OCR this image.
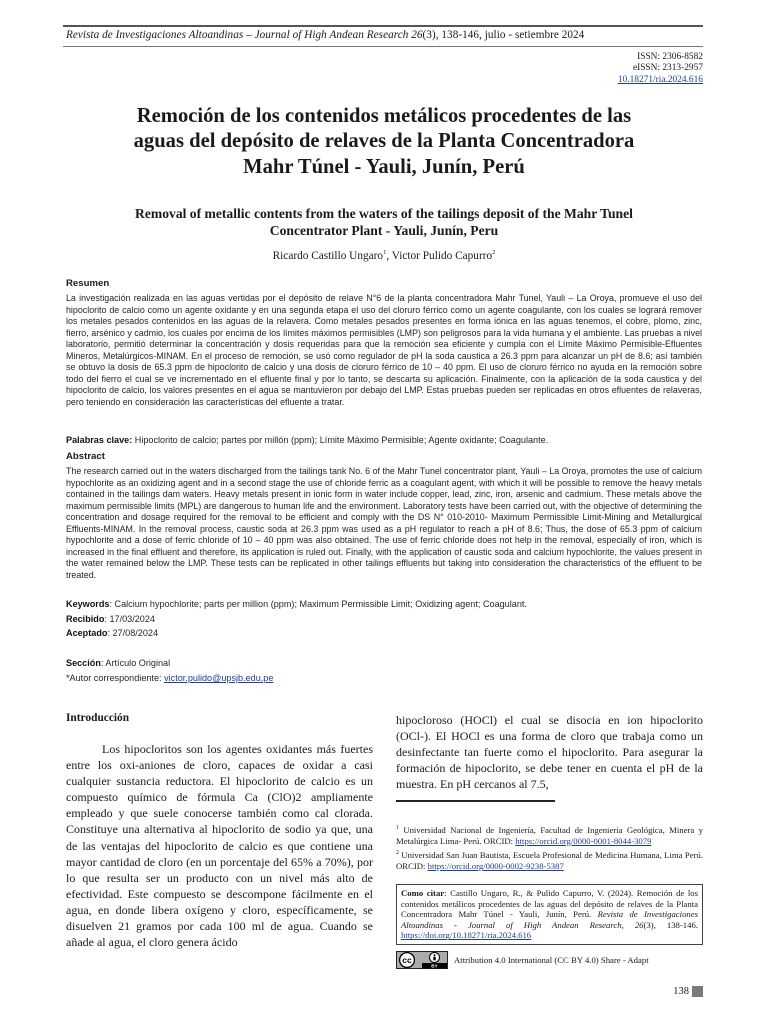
Revista de Investigaciones Altoandinas – Journal of High Andean Research 26(3), 138-146, julio - setiembre 2024
ISSN: 2306-8582
eISSN: 2313-2957
10.18271/ria.2024.616
Remoción de los contenidos metálicos procedentes de las aguas del depósito de relaves de la Planta Concentradora Mahr Túnel - Yauli, Junín, Perú
Removal of metallic contents from the waters of the tailings deposit of the Mahr Tunel Concentrator Plant - Yauli, Junín, Peru
Ricardo Castillo Ungaro$^1$, Victor Pulido Capurro$^2$
Resumen

La investigación realizada en las aguas vertidas por el depósito de relave N°6 de la planta concentradora Mahr Tunel, Yauli – La Oroya, promueve el uso del hipoclorito de calcio como un agente oxidante y en una segunda etapa el uso del cloruro férrico como un agente coagulante, con los cuales se logrará remover los metales pesados contenidos en las aguas de la relavera. Como metales pesados presentes en forma iónica en las aguas tenemos, el cobre, plomo, zinc, fierro, arsénico y cadmio, los cuales por encima de los límites máximos permisibles (LMP) son peligrosos para la vida humana y el ambiente. Las pruebas a nivel laboratorio, permitió determinar la concentración y dosis requeridas para que la remoción sea eficiente y cumpla con el Límite Máximo Permisible-Efluentes Mineros, Metalúrgicos-MINAM. En el proceso de remoción, se usó como regulador de pH la soda caustica a 26.3 ppm para alcanzar un pH de 8.6; así también se obtuvo la dosis de 65.3 ppm de hipoclorito de calcio y una dosis de cloruro férrico de 10 – 40 ppm. El uso de cloruro férrico no ayuda en la remoción sobre todo del fierro el cual se ve incrementado en el efluente final y por lo tanto, se descarta su aplicación. Finalmente, con la aplicación de la soda caustica y del hipoclorito de calcio, los valores presentes en el agua se mantuvieron por debajo del LMP. Estas pruebas pueden ser replicadas en otros efluentes de relaveras, pero teniendo en consideración las características del efluente a tratar.

Palabras clave: Hipoclorito de calcio; partes por millón (ppm); Límite Máximo Permisible; Agente oxidante; Coagulante.
Abstract

The research carried out in the waters discharged from the tailings tank No. 6 of the Mahr Tunel concentrator plant, Yauli – La Oroya, promotes the use of calcium hypochlorite as an oxidizing agent and in a second stage the use of chloride ferric as a coagulant agent, with which it will be possible to remove the heavy metals contained in the tailings dam waters. Heavy metals present in ionic form in water include copper, lead, zinc, iron, arsenic and cadmium. These metals above the maximum permissible limits (MPL) are dangerous to human life and the environment. Laboratory tests have been carried out, with the objective of determining the concentration and dosage required for the removal to be efficient and comply with the DS N° 010-2010- Maximum Permissible Limit-Mining and Metallurgical Effluents-MINAM. In the removal process, caustic soda at 26.3 ppm was used as a pH regulator to reach a pH of 8.6; Thus, the dose of 65.3 ppm of calcium hypochlorite and a dose of ferric chloride of 10 – 40 ppm was also obtained. The use of ferric chloride does not help in the removal, especially of iron, which is increased in the final effluent and therefore, its application is ruled out. Finally, with the application of caustic soda and calcium hypochlorite, the values present in the water remained below the LMP. These tests can be replicated in other tailings effluents but taking into consideration the characteristics of the effluent to be treated.

Keywords: Calcium hypochlorite; parts per million (ppm); Maximum Permissible Limit; Oxidizing agent; Coagulant.
Recibido: 17/03/2024
Aceptado: 27/08/2024
Sección: Artículo Original
*Autor correspondiente: victor.pulido@upsjb.edu.pe
Introducción

Los hipocloritos son los agentes oxidantes más fuertes entre los oxi-aniones de cloro, capaces de oxidar a casi cualquier sustancia reductora. El hipoclorito de calcio es un compuesto químico de fórmula Ca (ClO)2 ampliamente empleado y que suele conocerse también como cal clorada. Constituye una alternativa al hipoclorito de sodio ya que, una de las ventajas del hipoclorito de calcio es que contiene una mayor cantidad de cloro (en un porcentaje del 65% a 70%), por lo que resulta ser un producto con un nivel más alto de efectividad. Este compuesto se descompone fácilmente en el agua, en donde libera oxígeno y cloro, específicamente, se disuelven 21 gramos por cada 100 ml de agua. Cuando se añade al agua, el cloro genera ácido

hipocloroso (HOCl) el cual se disocia en ion hipoclorito (OCl-). El HOCl es una forma de cloro que trabaja como un desinfectante tan fuerte como el hipoclorito. Para asegurar la formación de hipoclorito, se debe tener en cuenta el pH de la muestra. En pH cercanos al 7.5,

$^1$ Universidad Nacional de Ingeniería, Facultad de Ingeniería Geológica, Minera y Metalúrgica Lima- Perú. ORCID: https://orcid.org/0000-0001-8044-3079

$^2$ Universidad San Juan Bautista, Escuela Profesional de Medicina Humana, Lima Perú. ORCID: https://orcid.org/0000-0002-9238-5387

Como citar: Castillo Ungaro, R., & Pulido Capurro, V. (2024). Remoción de los contenidos metálicos procedentes de las aguas del depósito de relaves de la Planta Concentradora Mahr Túnel - Yauli, Junín, Perú. Revista de Investigaciones Altoandinas - Journal of High Andean Research, 26(3), 138-146. https://doi.org/10.18271/ria.2024.616
cc
BY
Attribution 4.0 International (CC BY 4.0) Share - Adapt
138
